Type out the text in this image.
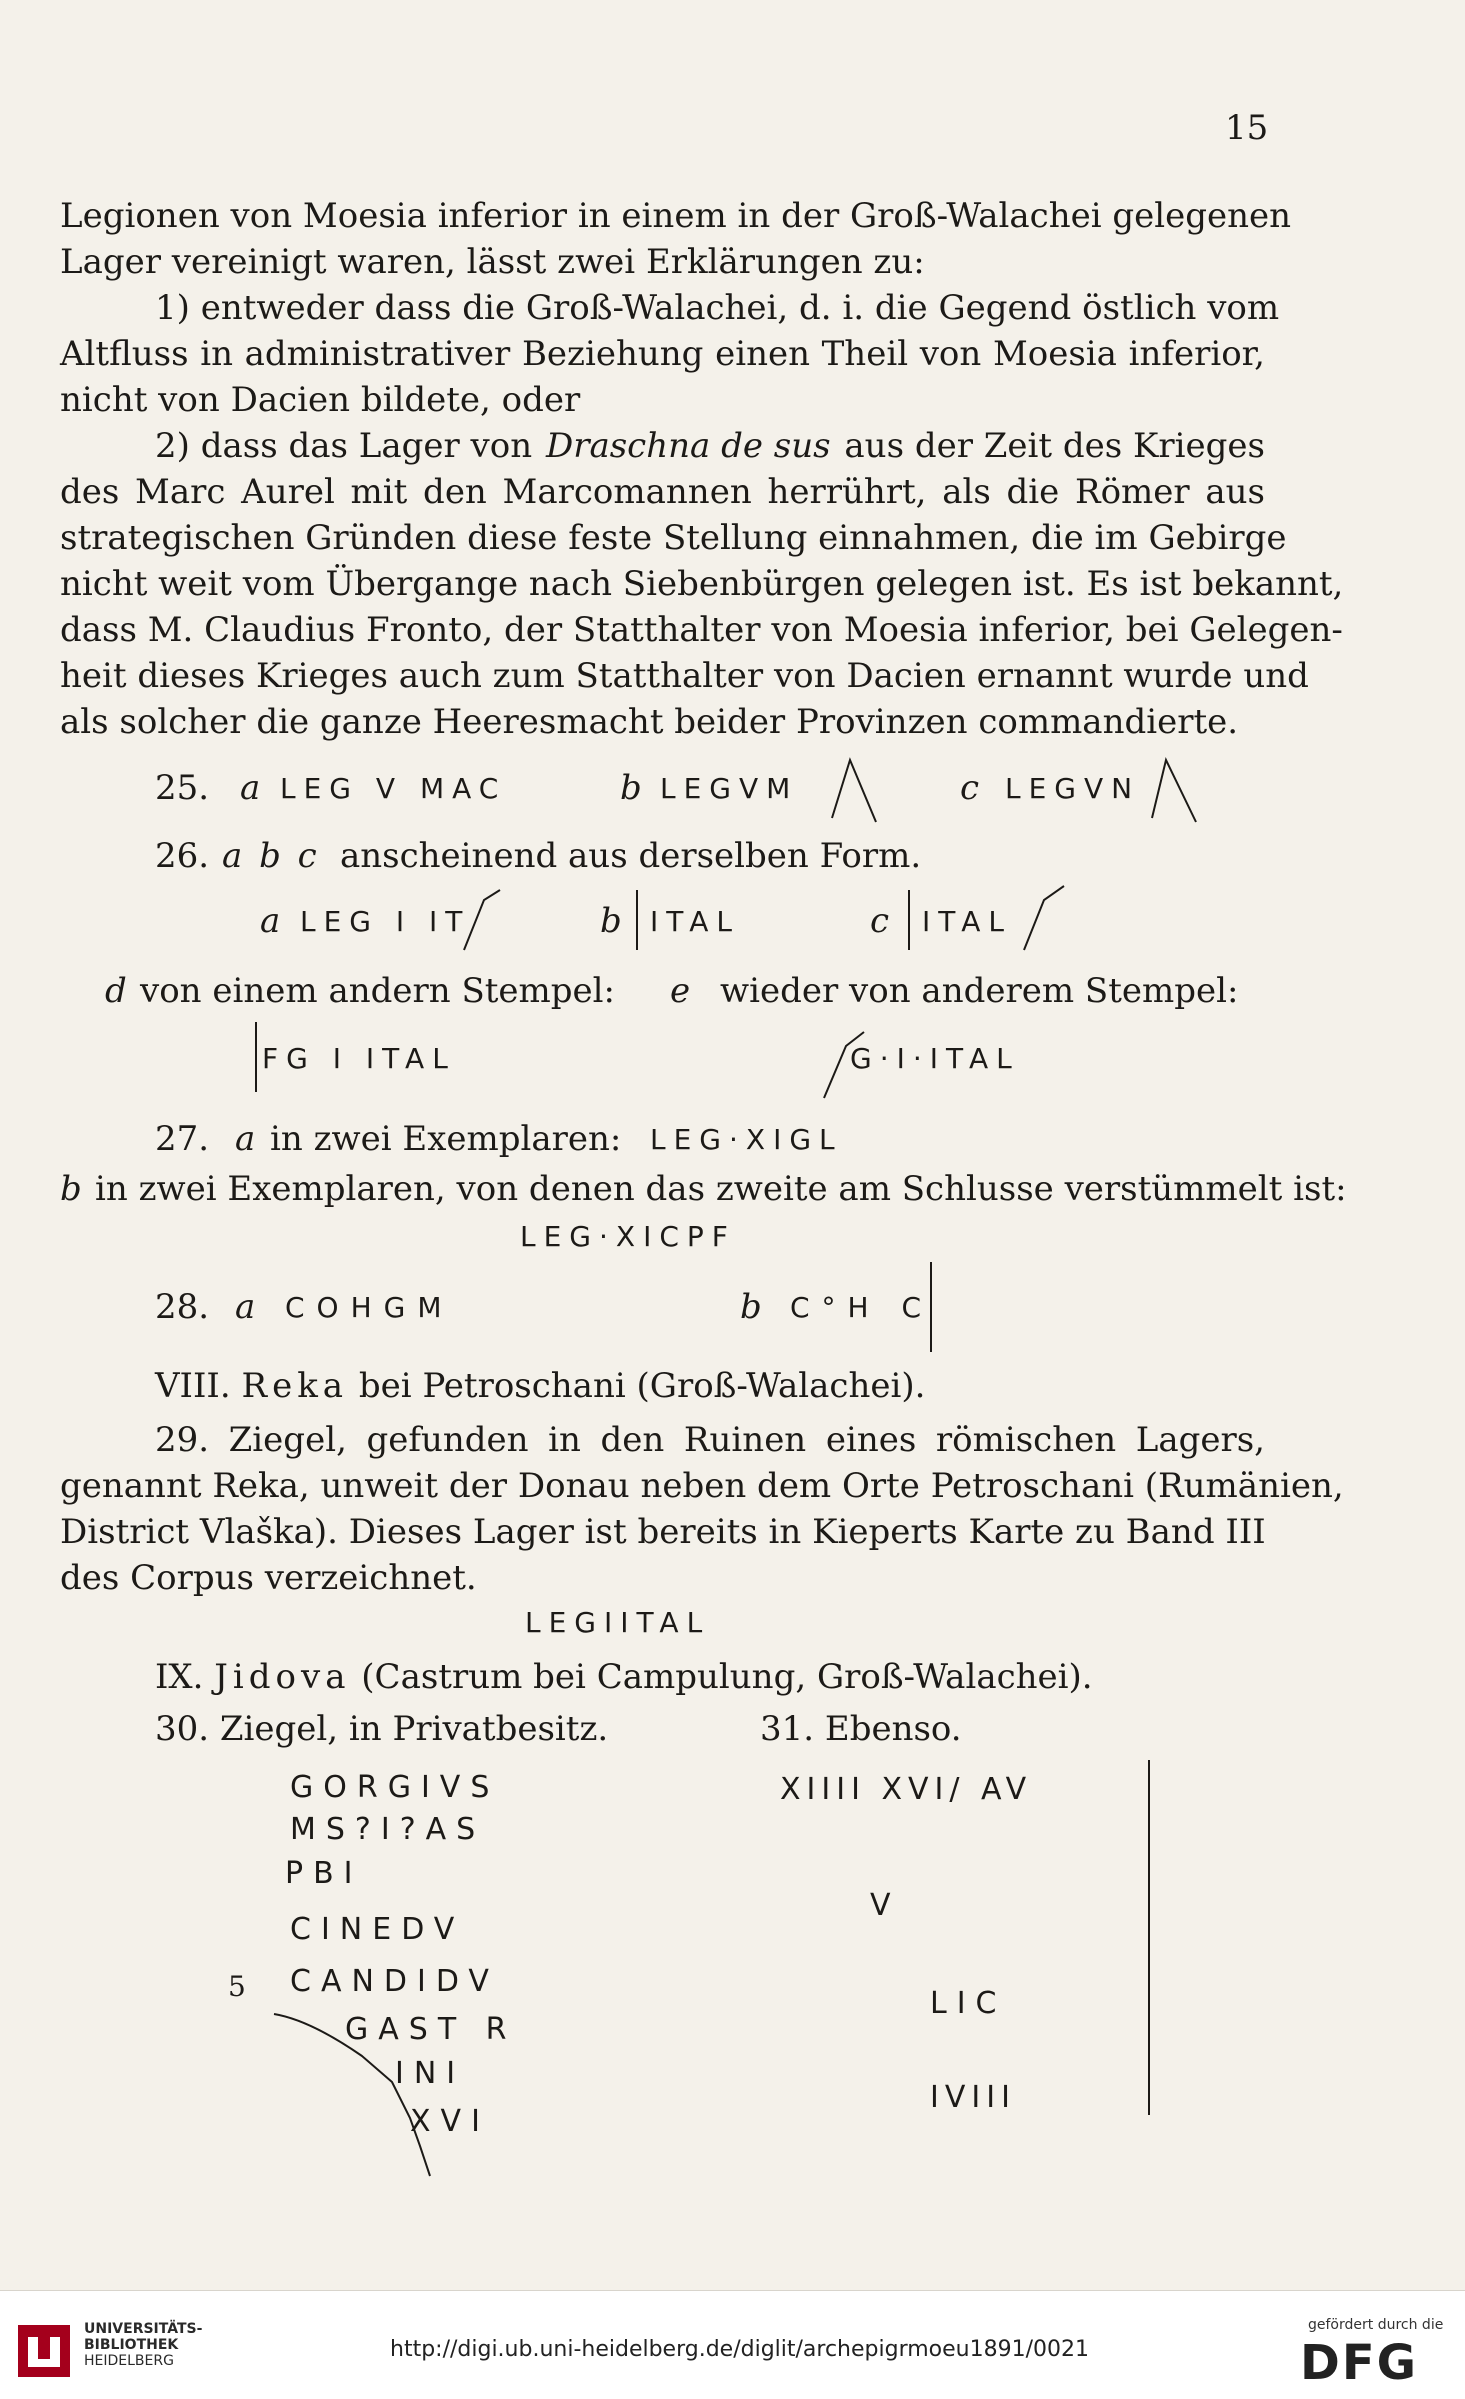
15
Legionen von Moesia inferior in einem in der Groß-Walachei gelegenen
Lager vereinigt waren, lässt zwei Erklärungen zu:
1) entweder dass die Groß-Walachei, d. i. die Gegend östlich vom
Altfluss in administrativer Beziehung einen Theil von Moesia inferior,
nicht von Dacien bildete, oder
2) dass das Lager von Draschna de sus aus der Zeit des Krieges
des Marc Aurel mit den Marcomannen herrührt, als die Römer aus
strategischen Gründen diese feste Stellung einnahmen, die im Gebirge
nicht weit vom Übergange nach Siebenbürgen gelegen ist. Es ist bekannt,
dass M. Claudius Fronto, der Statthalter von Moesia inferior, bei Gelegen-
heit dieses Krieges auch zum Statthalter von Dacien ernannt wurde und
als solcher die ganze Heeresmacht beider Provinzen commandierte.
25. a LEG V MAC	b LEGVM	c LEGVN
26. a b c anscheinend aus derselben Form.
a LEG I IT	b ITAL	c ITAL
d von einem andern Stempel: e wieder von anderem Stempel:
FG I ITAL	G·I·ITAL
27. a in zwei Exemplaren: LEG·XIGL
b in zwei Exemplaren, von denen das zweite am Schlusse verstümmelt ist:
LEG·XICPF
28. a COHGM	b C°H C
VIII. Reka bei Petroschani (Groß-Walachei).
29. Ziegel, gefunden in den Ruinen eines römischen Lagers,
genannt Reka, unweit der Donau neben dem Orte Petroschani (Rumänien,
District Vlaška). Dieses Lager ist bereits in Kieperts Karte zu Band III
des Corpus verzeichnet.
LEGIITAL
IX. Jidova (Castrum bei Campulung, Groß-Walachei).
30. Ziegel, in Privatbesitz.	31. Ebenso.
GORGIVS
MS?I?AS
PBI
CINEDV
5 CANDIDV
GAST R
INI
XVI
XIIII XVI/ AV
V
LIC
IVIII
UNIVERSITÄTS-
BIBLIOTHEK
HEIDELBERG	http://digi.ub.uni-heidelberg.de/diglit/archepigrmoeu1891/0021
gefördert durch die
DFG
